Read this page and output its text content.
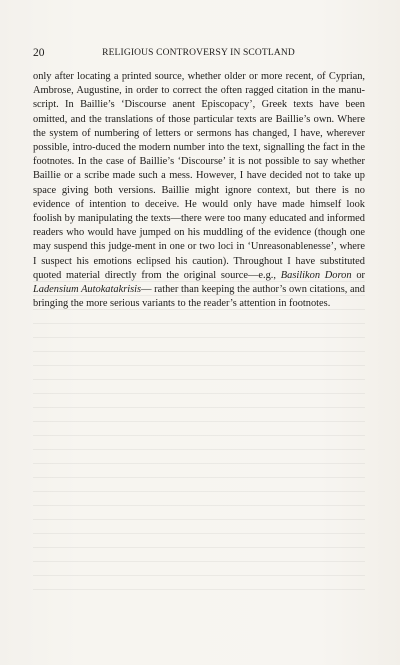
20	RELIGIOUS CONTROVERSY IN SCOTLAND

only after locating a printed source, whether older or more recent, of Cyprian, Ambrose, Augustine, in order to correct the often ragged citation in the manu-script. In Baillie’s ‘Discourse anent Episcopacy’, Greek texts have been omitted, and the translations of those particular texts are Baillie’s own. Where the system of numbering of letters or sermons has changed, I have, wherever possible, intro-duced the modern number into the text, signalling the fact in the footnotes. In the case of Baillie’s ‘Discourse’ it is not possible to say whether Baillie or a scribe made such a mess. However, I have decided not to take up space giving both versions. Baillie might ignore context, but there is no evidence of intention to deceive. He would only have made himself look foolish by manipulating the texts—there were too many educated and informed readers who would have jumped on his muddling of the evidence (though one may suspend this judge-ment in one or two loci in ‘Unreasonablenesse’, where I suspect his emotions eclipsed his caution). Throughout I have substituted quoted material directly from the original source—e.g., Basilikon Doron or Ladensium Autokatakrisis— rather than keeping the author’s own citations, and bringing the more serious variants to the reader’s attention in footnotes.
